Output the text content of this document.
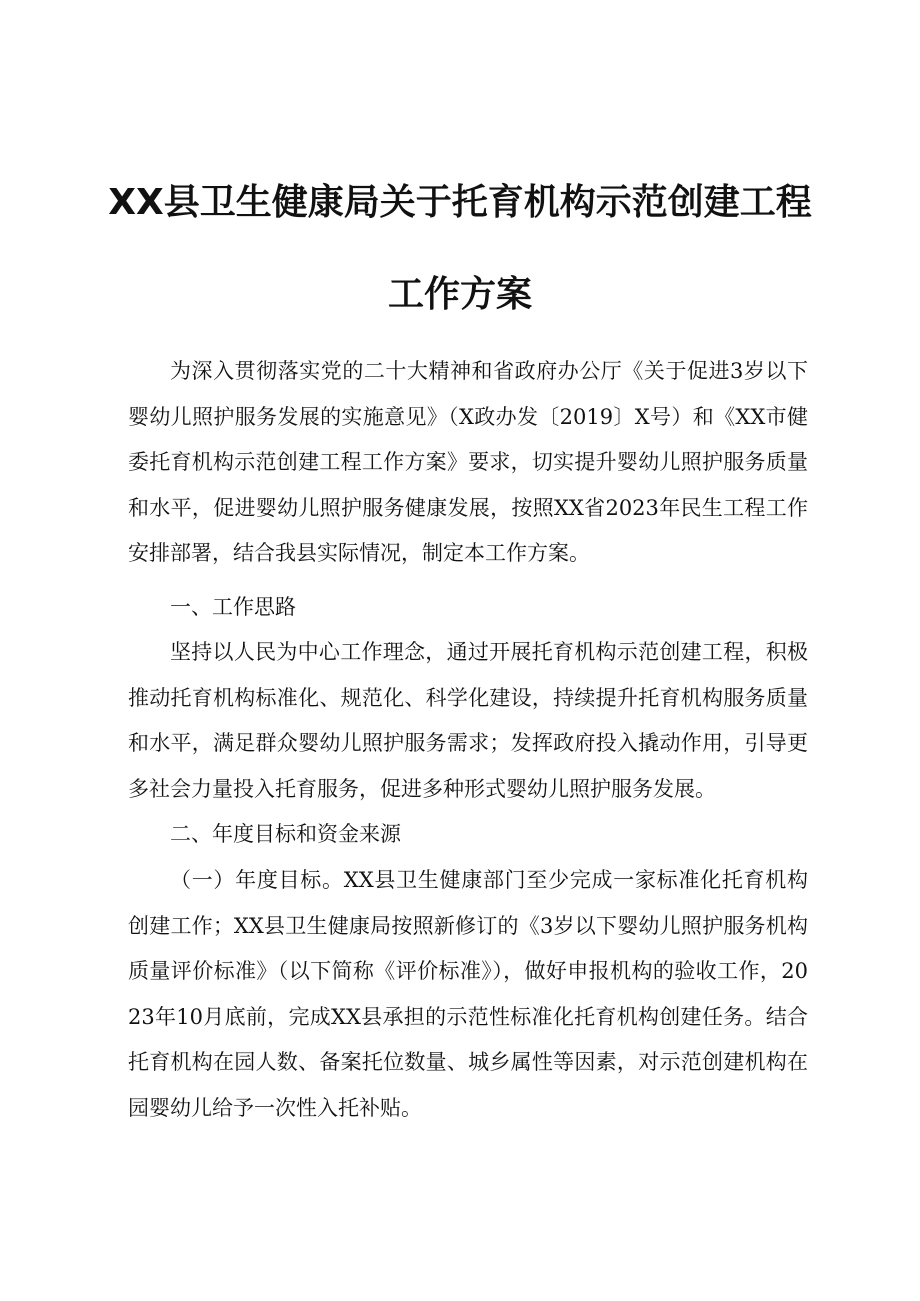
XX县卫生健康局关于托育机构示范创建工程
工作方案

为深入贯彻落实党的二十大精神和省政府办公厅《关于促进3岁以下婴幼儿照护服务发展的实施意见》（X政办发〔2019〕X号）和《XX市健委托育机构示范创建工程工作方案》要求，切实提升婴幼儿照护服务质量和水平，促进婴幼儿照护服务健康发展，按照XX省2023年民生工程工作安排部署，结合我县实际情况，制定本工作方案。

一、工作思路

坚持以人民为中心工作理念，通过开展托育机构示范创建工程，积极推动托育机构标准化、规范化、科学化建设，持续提升托育机构服务质量和水平，满足群众婴幼儿照护服务需求；发挥政府投入撬动作用，引导更多社会力量投入托育服务，促进多种形式婴幼儿照护服务发展。

二、年度目标和资金来源

（一）年度目标。XX县卫生健康部门至少完成一家标准化托育机构创建工作；XX县卫生健康局按照新修订的《3岁以下婴幼儿照护服务机构质量评价标准》（以下简称《评价标准》），做好申报机构的验收工作，2023年10月底前，完成XX县承担的示范性标准化托育机构创建任务。结合托育机构在园人数、备案托位数量、城乡属性等因素，对示范创建机构在园婴幼儿给予一次性入托补贴。
